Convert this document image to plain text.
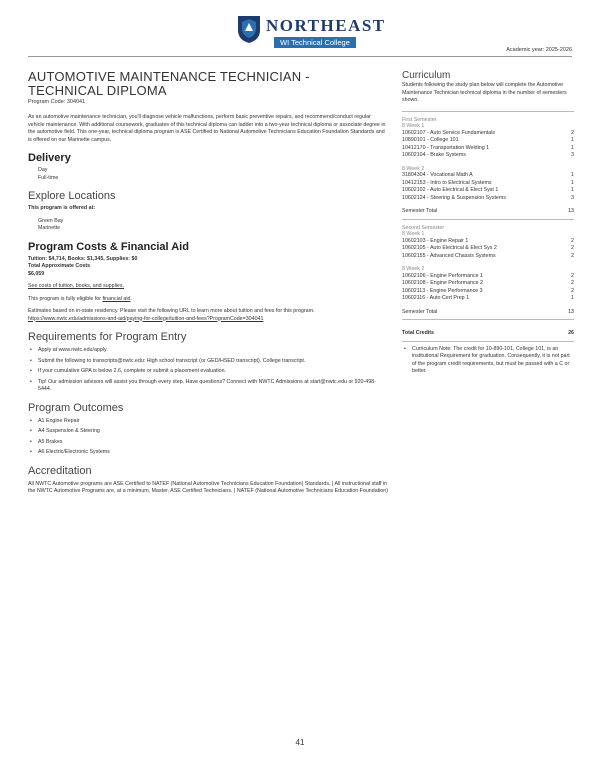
NORTHEAST
WI Technical College
Academic year: 2025-2026
AUTOMOTIVE MAINTENANCE TECHNICIAN -
TECHNICAL DIPLOMA
Program Code: 304041

As an automotive maintenance technician, you'll diagnose vehicle malfunctions, perform basic preventive repairs, and recommend/conduct regular vehicle maintenance. With additional coursework, graduates of this technical diploma can ladder into a two-year technical diploma or associate degree in the automotive field. This one-year, technical diploma program is ASE Certified to National Automotive Technicians Education Foundation Standards and is offered on our Marinette campus.

Delivery
Day
Full-time
Explore Locations
This program is offered at:
Green Bay
Marinette
Program Costs & Financial Aid
Tuition: $4,714, Books: $1,345, Supplies: $0
Total Approximate Costs
$6,059
See costs of tuition, books, and supplies.
This program is fully eligible for financial aid.
Estimates based on in-state residency. Please visit the following URL to learn more about tuition and fees for this program.
https://www.nwtc.edu/admissions-and-aid/paying-for-college/tuition-and-fees?ProgramCode=304041
Requirements for Program Entry
• Apply at www.nwtc.edu/apply.
• Submit the following to transcripts@nwtc.edu: High school transcript (or GED/HSED transcript). College transcript.
• If your cumulative GPA is below 2.6, complete or submit a placement evaluation.
• Tip! Our admission advisors will assist you through every step. Have questions? Connect with NWTC Admissions at start@nwtc.edu or 920-498-5444.
Program Outcomes
• A1 Engine Repair
• A4 Suspension & Steering
• A5 Brakes
• A6 Electric/Electronic Systems
Accreditation

All NWTC Automotive programs are ASE Certified to NATEF (National Automotive Technicians Education Foundation) Standards. | All instructional staff in the NWTC Automotive Programs are, at a minimum, Master, ASE Certified Technicians. | NATEF (National Automotive Technicians Education Foundation)

Curriculum

Students following the study plan below will complete the Automotive Maintenance Technician technical diploma in the number of semesters shown.

First Semester
8 Week 1
10602107 - Auto Service Fundamentals	2
10890101 - College 101	1
10412170 - Transportation Welding 1	1
10602104 - Brake Systems	3
8 Week 2
31804304 - Vocational Math A	1
10412153 - Intro to Electrical Systems	1
10602102 - Auto Electrical & Elect Syst 1	1
10602124 - Steering & Suspension Systems	3
Semester Total	13
Second Semester
8 Week 1
10602103 - Engine Repair 1	2
10602105 - Auto Electrical & Elect Sys 2	2
10602155 - Advanced Chassis Systems	2
8 Week 2
10602106 - Engine Performance 1	2
10602108 - Engine Performance 2	2
10602113 - Engine Performance 3	2
10602116 - Auto Cert Prep 1	1
Semester Total	13
Total Credits	26
• Curriculum Note: The credit for 10-890-101, College 101, is an institutional Requirement for graduation. Consequently, it is not part of the program credit requirements, but must be passed with a C or better.
41
